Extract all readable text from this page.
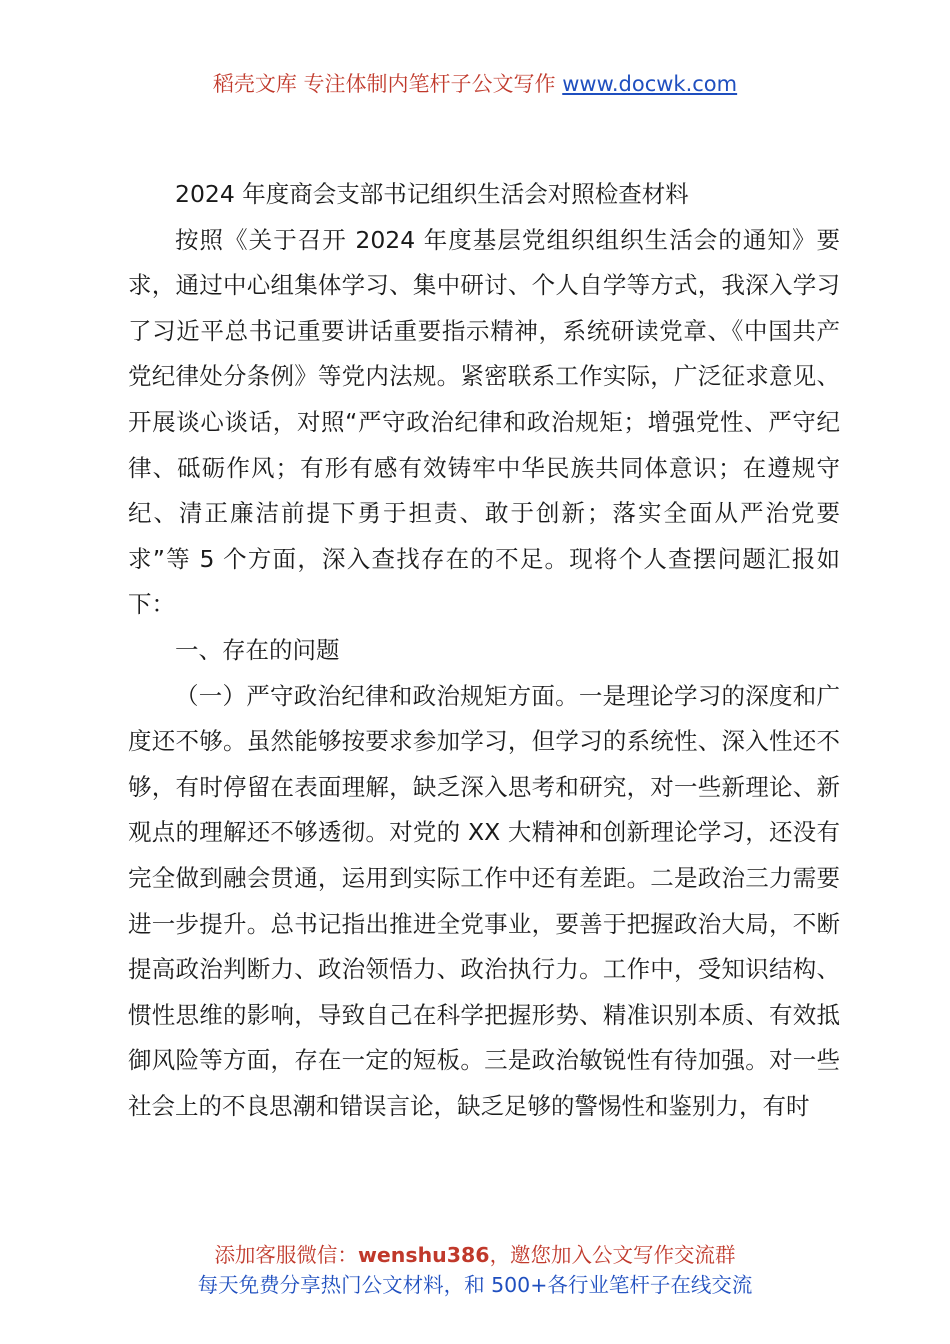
稻壳文库 专注体制内笔杆子公文写作 www.docwk.com

2024 年度商会支部书记组织生活会对照检查材料

按照《关于召开 2024 年度基层党组织组织生活会的通知》要求，通过中心组集体学习、集中研讨、个人自学等方式，我深入学习了习近平总书记重要讲话重要指示精神，系统研读党章、《中国共产党纪律处分条例》等党内法规。紧密联系工作实际，广泛征求意见、开展谈心谈话，对照“严守政治纪律和政治规矩；增强党性、严守纪律、砥砺作风；有形有感有效铸牢中华民族共同体意识；在遵规守纪、清正廉洁前提下勇于担责、敢于创新；落实全面从严治党要求”等 5 个方面，深入查找存在的不足。现将个人查摆问题汇报如下：

一、存在的问题

（一）严守政治纪律和政治规矩方面。一是理论学习的深度和广度还不够。虽然能够按要求参加学习，但学习的系统性、深入性还不够，有时停留在表面理解，缺乏深入思考和研究，对一些新理论、新观点的理解还不够透彻。对党的 XX 大精神和创新理论学习，还没有完全做到融会贯通，运用到实际工作中还有差距。二是政治三力需要进一步提升。总书记指出推进全党事业，要善于把握政治大局，不断提高政治判断力、政治领悟力、政治执行力。工作中，受知识结构、惯性思维的影响，导致自己在科学把握形势、精准识别本质、有效抵御风险等方面，存在一定的短板。三是政治敏锐性有待加强。对一些社会上的不良思潮和错误言论，缺乏足够的警惕性和鉴别力，有时

添加客服微信：wenshu386，邀您加入公文写作交流群
每天免费分享热门公文材料，和 500+各行业笔杆子在线交流
